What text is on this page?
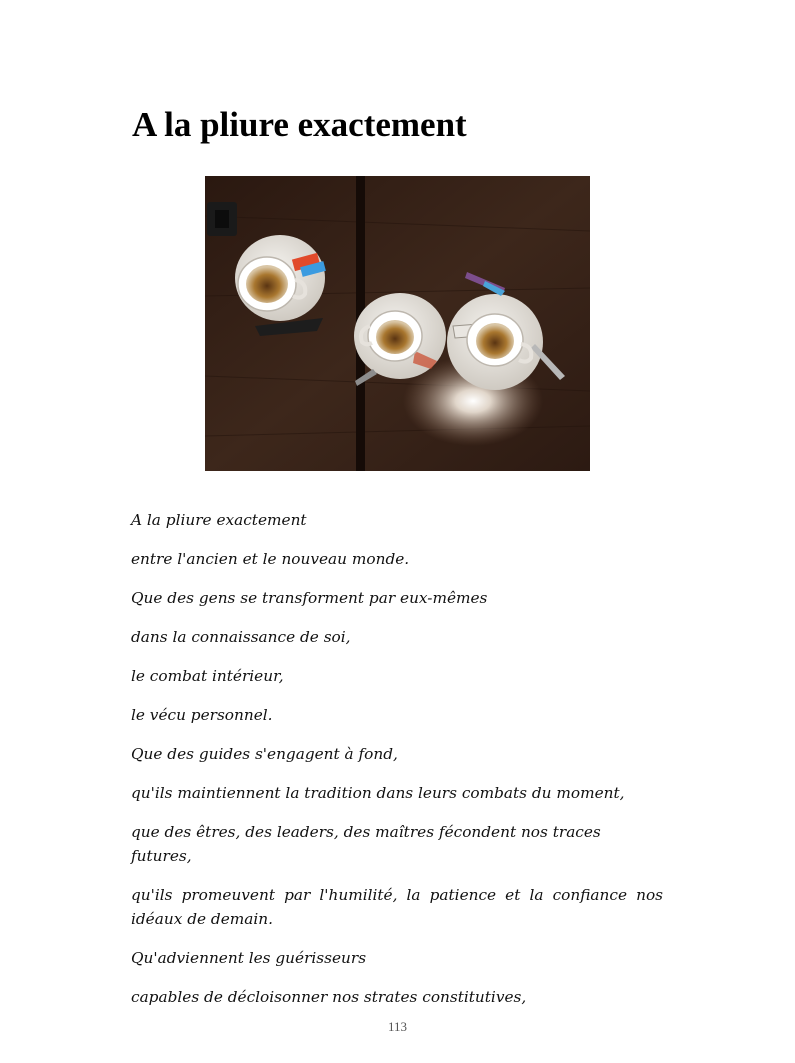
A la pliure exactement
A la pliure exactement
entre l'ancien et le nouveau monde.
Que des gens se transforment par eux-mêmes
dans la connaissance de soi,
le combat intérieur,
le vécu personnel.
Que des guides s'engagent à fond,
qu'ils maintiennent la tradition dans leurs combats du moment,
que des êtres, des leaders, des maîtres fécondent nos traces futures,
qu'ils promeuvent par l'humilité, la patience et la confiance nos idéaux de demain.
Qu'adviennent les guérisseurs
capables de décloisonner nos strates constitutives,
113
